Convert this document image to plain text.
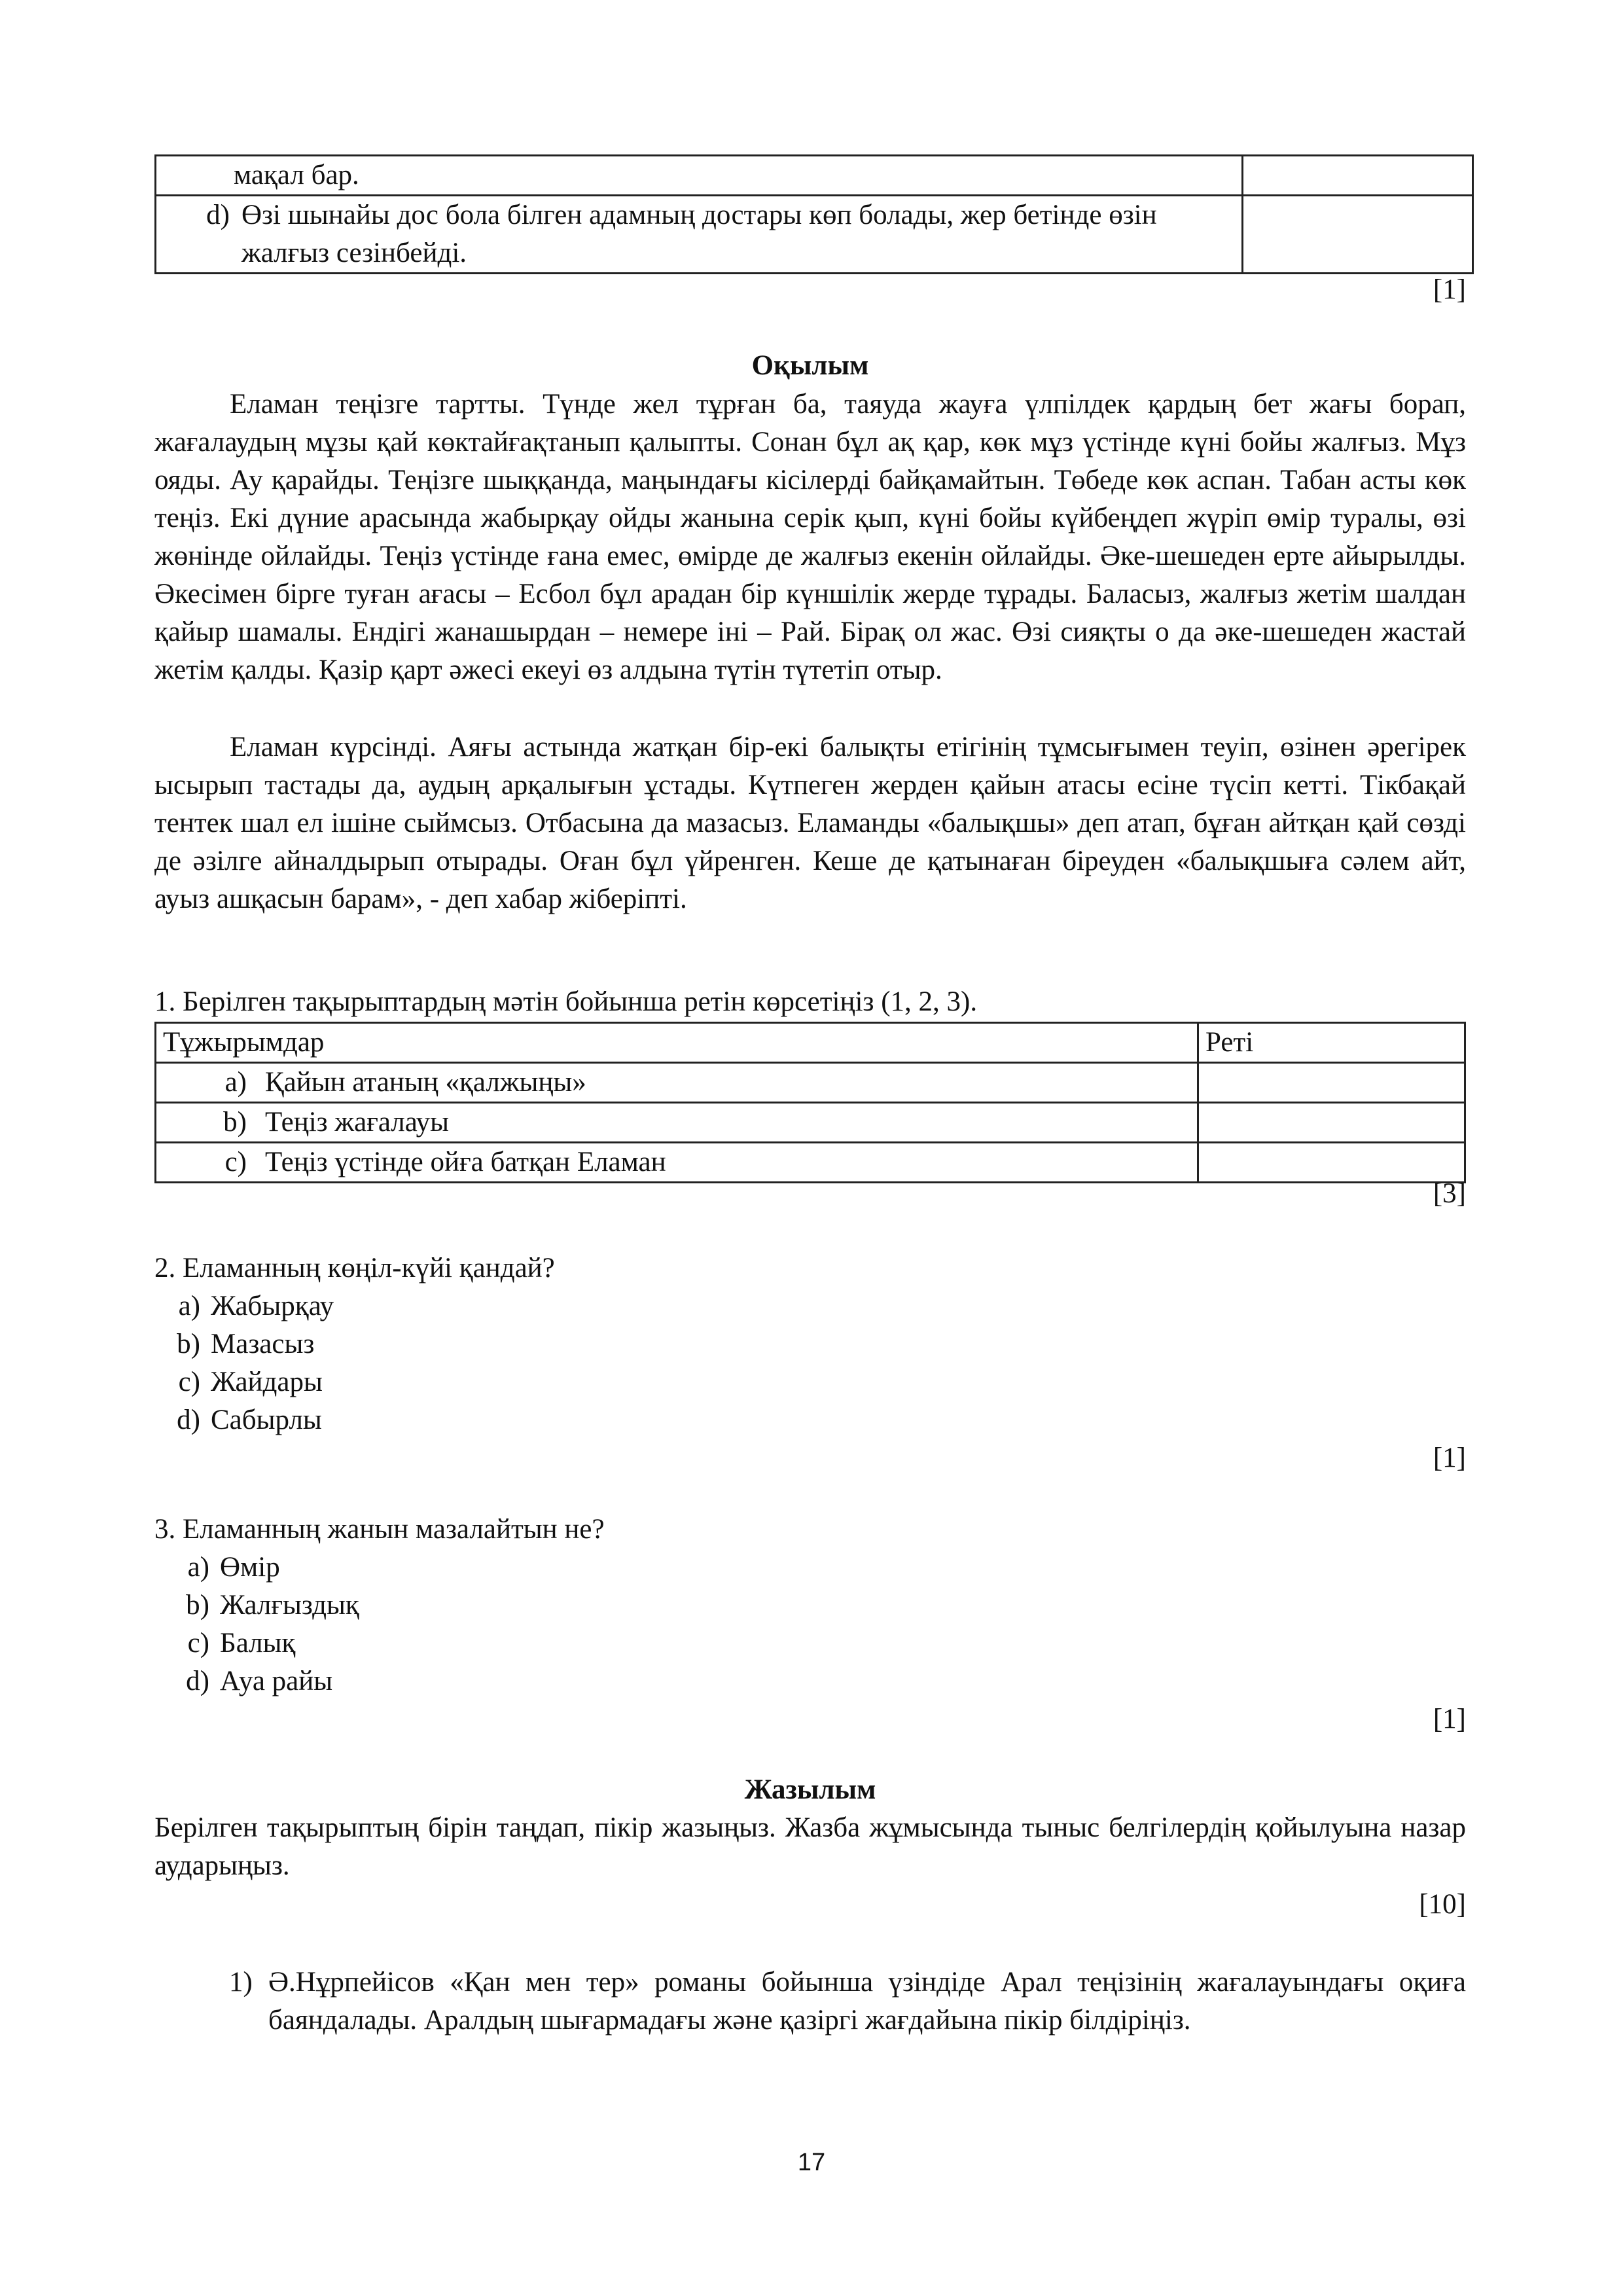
мақал бар.	

d) Өзі шынайы дос бола білген адамның достары көп болады, жер бетінде өзін жалғыз сезінбейді.	

[1]
Оқылым
Еламан теңізге тартты. Түнде жел тұрған ба, таяуда жауға үлпілдек қардың бет жағы борап, жағалаудың мұзы қай көктайғақтанып қалыпты. Сонан бұл ақ қар, көк мұз үстінде күні бойы жалғыз. Мұз ояды. Ау қарайды. Теңізге шыққанда, маңындағы кісілерді байқамайтын. Төбеде көк аспан. Табан асты көк теңіз. Екі дүние арасында жабырқау ойды жанына серік қып, күні бойы күйбеңдеп жүріп өмір туралы, өзі жөнінде ойлайды. Теңіз үстінде ғана емес, өмірде де жалғыз екенін ойлайды. Әке-шешеден ерте айырылды. Әкесімен бірге туған ағасы – Есбол бұл арадан бір күншілік жерде тұрады. Баласыз, жалғыз жетім шалдан қайыр шамалы. Ендігі жанашырдан – немере іні – Рай. Бірақ ол жас. Өзі сияқты о да әке-шешеден жастай жетім қалды. Қазір қарт әжесі екеуі өз алдына түтін түтетіп отыр.
Еламан күрсінді. Аяғы астында жатқан бір-екі балықты етігінің тұмсығымен теуіп, өзінен әрегірек ысырып тастады да, аудың арқалығын ұстады. Күтпеген жерден қайын атасы есіне түсіп кетті. Тікбақай тентек шал ел ішіне сыймсыз. Отбасына да мазасыз. Еламанды «балықшы» деп атап, бұған айтқан қай сөзді де әзілге айналдырып отырады. Оған бұл үйренген. Кеше де қатынаған біреуден «балықшыға сәлем айт, ауыз ашқасын барам», - деп хабар жіберіпті.
1. Берілген тақырыптардың мәтін бойынша ретін көрсетіңіз (1, 2, 3).
Тұжырымдар	Реті
a) Қайын атаның «қалжыңы»	
b) Теңіз жағалауы	
c) Теңіз үстінде ойға батқан Еламан	
[3]
2. Еламанның көңіл-күйі қандай?
a) Жабырқау
b) Мазасыз
c) Жайдары
d) Сабырлы
[1]
3. Еламанның жанын мазалайтын не?
a) Өмір
b) Жалғыздық
c) Балық
d) Ауа райы
[1]
Жазылым
Берілген тақырыптың бірін таңдап, пікір жазыңыз. Жазба жұмысында тыныс белгілердің қойылуына назар аударыңыз.
[10]
1) Ә.Нұрпейісов «Қан мен тер» романы бойынша үзіндіде Арал теңізінің жағалауындағы оқиға баяндалады. Аралдың шығармадағы және қазіргі жағдайына пікір білдіріңіз.
17
